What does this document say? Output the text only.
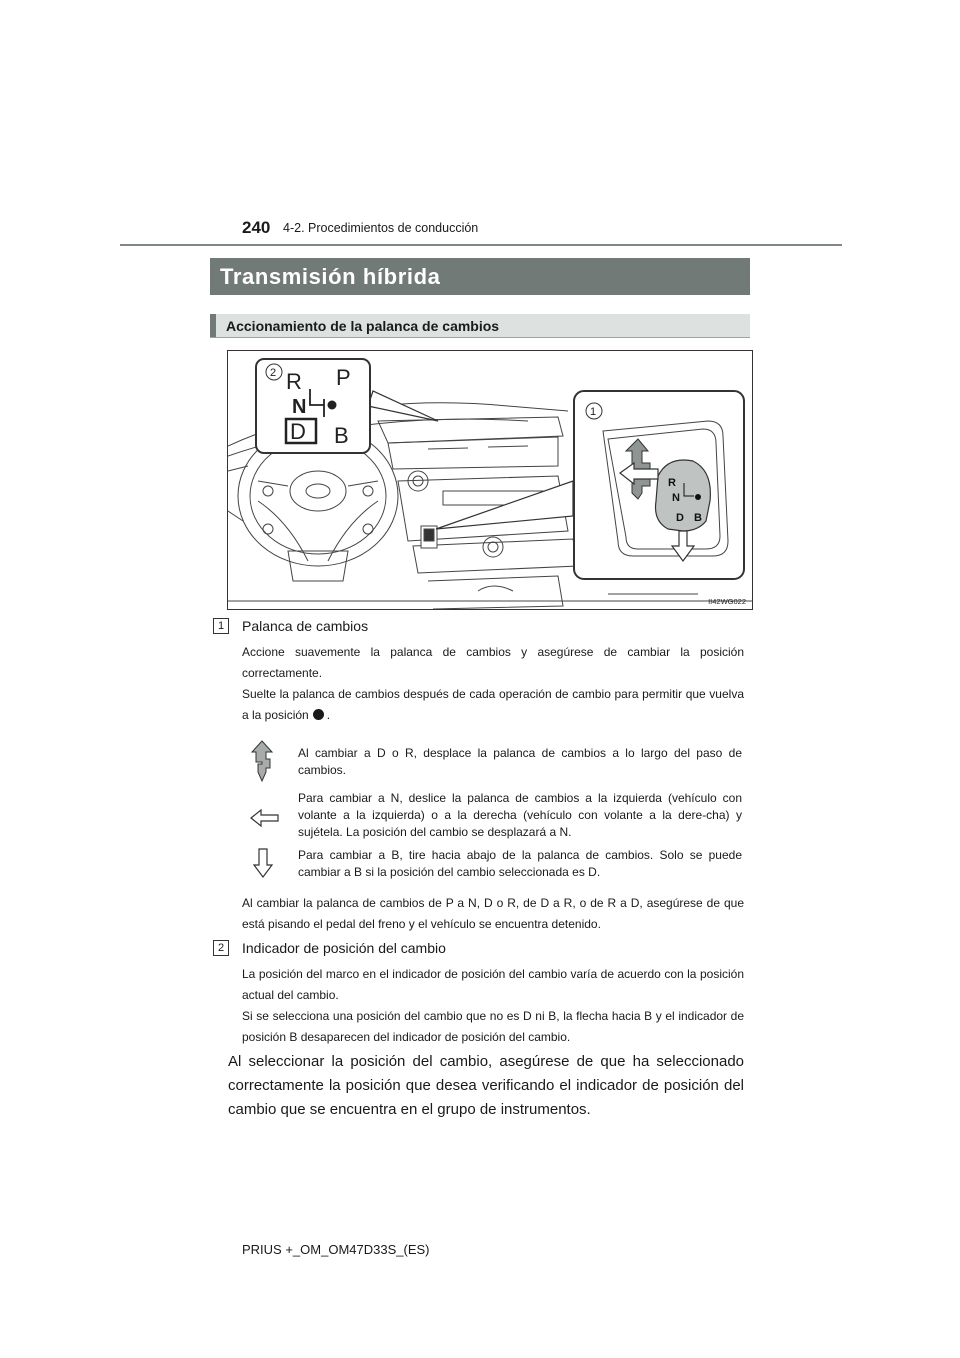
240 4-2. Procedimientos de conducción
Transmisión híbrida
Accionamiento de la palanca de cambios
R P
N
D B
2
1
R
N
D B
II42WG022
1	Palanca de cambios
Accione suavemente la palanca de cambios y asegúrese de cambiar la posición correctamente.
Suelte la palanca de cambios después de cada operación de cambio para permitir que vuelva a la posición .
Al cambiar a D o R, desplace la palanca de cambios a lo largo del paso de cambios.
Para cambiar a N, deslice la palanca de cambios a la izquierda (vehículo con volante a la izquierda) o a la derecha (vehículo con volante a la dere-cha) y sujétela. La posición del cambio se desplazará a N.
Para cambiar a B, tire hacia abajo de la palanca de cambios. Solo se puede cambiar a B si la posición del cambio seleccionada es D.
Al cambiar la palanca de cambios de P a N, D o R, de D a R, o de R a D, asegúrese de que está pisando el pedal del freno y el vehículo se encuentra detenido.
2	Indicador de posición del cambio
La posición del marco en el indicador de posición del cambio varía de acuerdo con la posición actual del cambio.
Si se selecciona una posición del cambio que no es D ni B, la flecha hacia B y el indicador de posición B desaparecen del indicador de posición del cambio.
Al seleccionar la posición del cambio, asegúrese de que ha seleccionado correctamente la posición que desea verificando el indicador de posición del cambio que se encuentra en el grupo de instrumentos.
PRIUS +_OM_OM47D33S_(ES)
